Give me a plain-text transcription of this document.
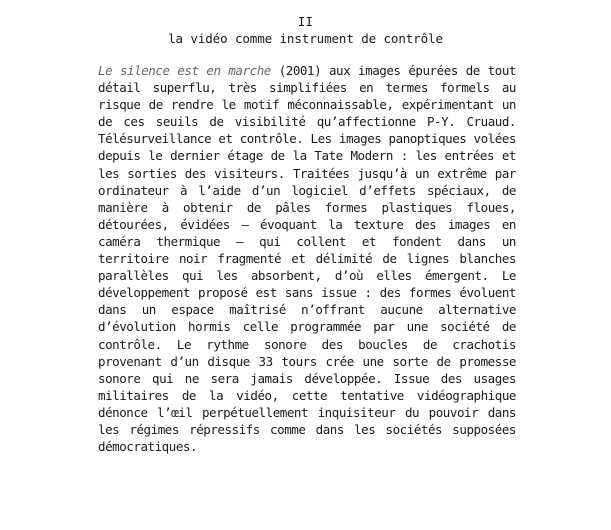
II
la vidéo comme instrument de contrôle

Le silence est en marche (2001) aux images épurées de tout détail superflu, très simplifiées en termes formels au risque de rendre le motif méconnaissable, expérimentant un de ces seuils de visibilité qu’affectionne P-Y. Cruaud. Télésurveillance et contrôle. Les images panoptiques volées depuis le dernier étage de la Tate Modern : les entrées et les sorties des visiteurs. Traitées jusqu’à un extrême par ordinateur à l’aide d’un logiciel d’effets spéciaux, de manière à obtenir de pâles formes plastiques floues, détourées, évidées – évoquant la texture des images en caméra thermique – qui collent et fondent dans un territoire noir fragmenté et délimité de lignes blanches parallèles qui les absorbent, d’où elles émergent. Le développement proposé est sans issue : des formes évoluent dans un espace maîtrisé n’offrant aucune alternative d’évolution hormis celle programmée par une société de contrôle. Le rythme sonore des boucles de crachotis provenant d’un disque 33 tours crée une sorte de promesse sonore qui ne sera jamais développée. Issue des usages militaires de la vidéo, cette tentative vidéographique dénonce l’œil perpétuellement inquisiteur du pouvoir dans les régimes répressifs comme dans les sociétés supposées démocratiques.
